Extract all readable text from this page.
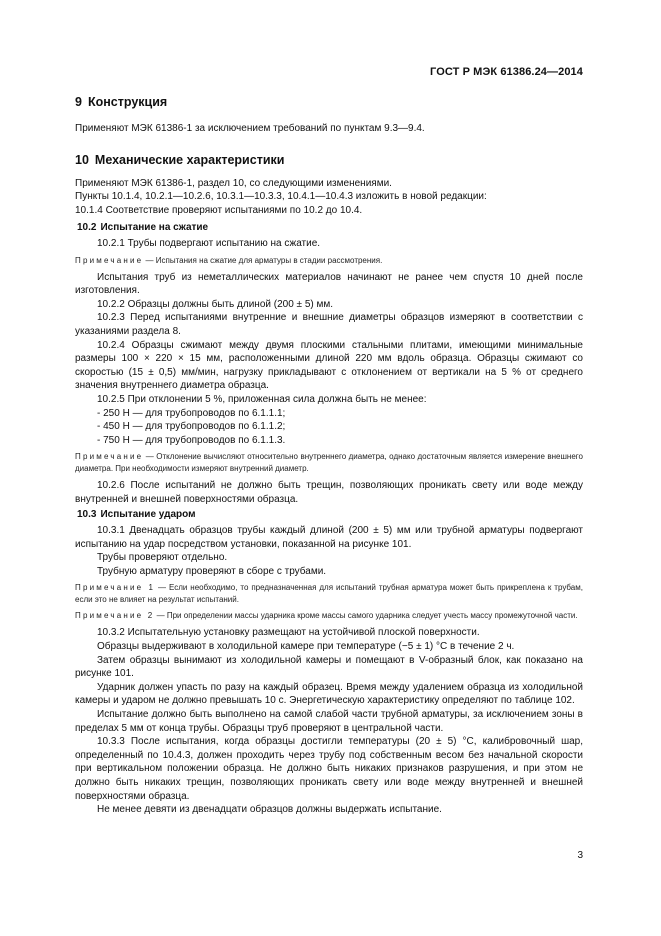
ГОСТ Р МЭК 61386.24—2014
9 Конструкция

Применяют МЭК 61386-1 за исключением требований по пунктам 9.3—9.4.

10 Механические характеристики

Применяют МЭК 61386-1, раздел 10, со следующими изменениями.

Пункты 10.1.4, 10.2.1—10.2.6, 10.3.1—10.3.3, 10.4.1—10.4.3 изложить в новой редакции:

10.1.4 Соответствие проверяют испытаниями по 10.2 до 10.4.

10.2 Испытание на сжатие

10.2.1 Трубы подвергают испытанию на сжатие.

Примечание — Испытания на сжатие для арматуры в стадии рассмотрения.

Испытания труб из неметаллических материалов начинают не ранее чем спустя 10 дней после изготовления.

10.2.2 Образцы должны быть длиной (200 ± 5) мм.

10.2.3 Перед испытаниями внутренние и внешние диаметры образцов измеряют в соответствии с указаниями раздела 8.

10.2.4 Образцы сжимают между двумя плоскими стальными плитами, имеющими минимальные размеры 100 × 220 × 15 мм, расположенными длиной 220 мм вдоль образца. Образцы сжимают со скоростью (15 ± 0,5) мм/мин, нагрузку прикладывают с отклонением от вертикали на 5 % от среднего значения внутреннего диаметра образца.

10.2.5 При отклонении 5 %, приложенная сила должна быть не менее:

- 250 Н — для трубопроводов по 6.1.1.1;

- 450 Н — для трубопроводов по 6.1.1.2;

- 750 Н — для трубопроводов по 6.1.1.3.

Примечание — Отклонение вычисляют относительно внутреннего диаметра, однако достаточным является измерение внешнего диаметра. При необходимости измеряют внутренний диаметр.

10.2.6 После испытаний не должно быть трещин, позволяющих проникать свету или воде между внутренней и внешней поверхностями образца.

10.3 Испытание ударом

10.3.1 Двенадцать образцов трубы каждый длиной (200 ± 5) мм или трубной арматуры подвергают испытанию на удар посредством установки, показанной на рисунке 101.

Трубы проверяют отдельно.

Трубную арматуру проверяют в сборе с трубами.

Примечание 1 — Если необходимо, то предназначенная для испытаний трубная арматура может быть прикреплена к трубам, если это не влияет на результат испытаний.

Примечание 2 — При определении массы ударника кроме массы самого ударника следует учесть массу промежуточной части.

10.3.2 Испытательную установку размещают на устойчивой плоской поверхности.

Образцы выдерживают в холодильной камере при температуре (−5 ± 1) °С в течение 2 ч.

Затем образцы вынимают из холодильной камеры и помещают в V-образный блок, как показано на рисунке 101.

Ударник должен упасть по разу на каждый образец. Время между удалением образца из холодильной камеры и ударом не должно превышать 10 с. Энергетическую характеристику определяют по таблице 102.

Испытание должно быть выполнено на самой слабой части трубной арматуры, за исключением зоны в пределах 5 мм от конца трубы. Образцы труб проверяют в центральной части.

10.3.3 После испытания, когда образцы достигли температуры (20 ± 5) °С, калибровочный шар, определенный по 10.4.3, должен проходить через трубу под собственным весом без начальной скорости при вертикальном положении образца. Не должно быть никаких признаков разрушения, и при этом не должно быть никаких трещин, позволяющих проникать свету или воде между внутренней и внешней поверхностями образца.

Не менее девяти из двенадцати образцов должны выдержать испытание.

3
